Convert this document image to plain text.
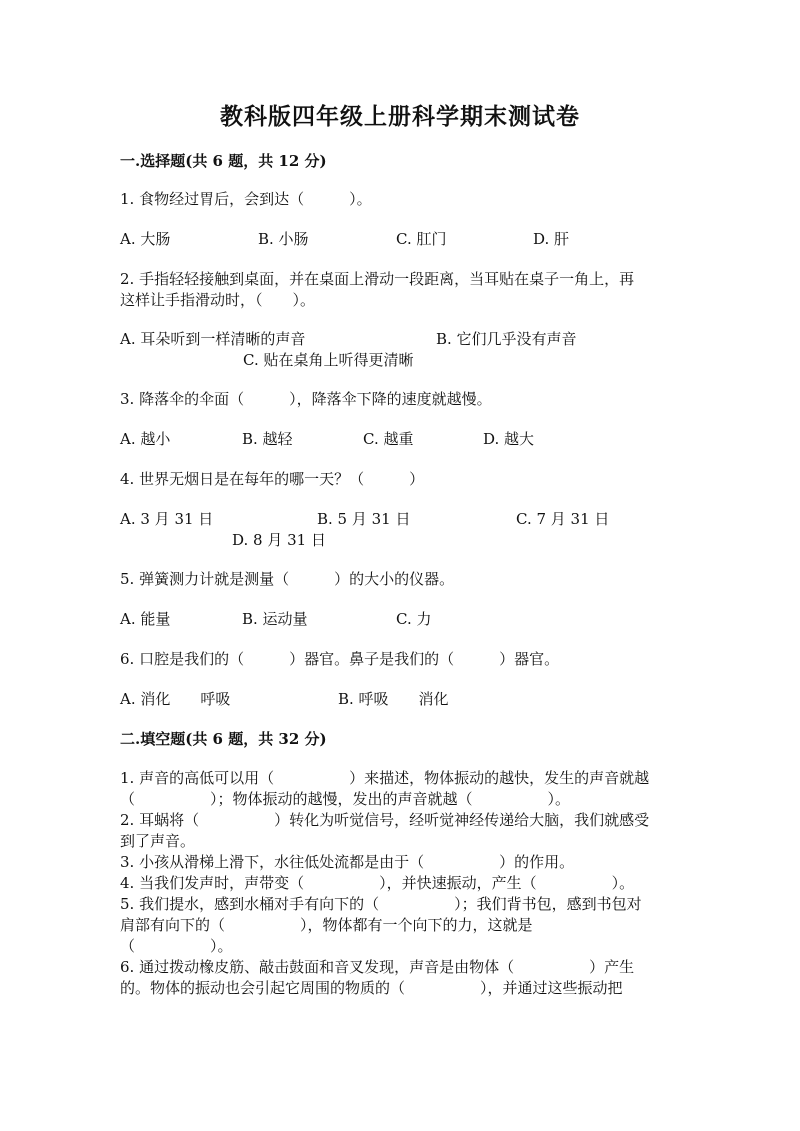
教科版四年级上册科学期末测试卷
一.选择题(共 6 题，共 12 分)
1. 食物经过胃后，会到达（　　　）。
A. 大肠	B. 小肠	C. 肛门	D. 肝
2. 手指轻轻接触到桌面，并在桌面上滑动一段距离，当耳贴在桌子一角上，再
这样让手指滑动时，（　　）。
A. 耳朵听到一样清晰的声音	B. 它们几乎没有声音
C. 贴在桌角上听得更清晰
3. 降落伞的伞面（　　　），降落伞下降的速度就越慢。
A. 越小	B. 越轻	C. 越重	D. 越大
4. 世界无烟日是在每年的哪一天？（　　　）
A. 3 月 31 日	B. 5 月 31 日	C. 7 月 31 日
D. 8 月 31 日
5. 弹簧测力计就是测量（　　　）的大小的仪器。
A. 能量	B. 运动量	C. 力
6. 口腔是我们的（　　　）器官。鼻子是我们的（　　　）器官。
A. 消化　　呼吸	B. 呼吸　　消化
二.填空题(共 6 题，共 32 分)
1. 声音的高低可以用（　　　　　）来描述，物体振动的越快，发生的声音就越
（　　　　　）；物体振动的越慢，发出的声音就越（　　　　　）。
2. 耳蜗将（　　　　　）转化为听觉信号，经听觉神经传递给大脑，我们就感受
到了声音。
3. 小孩从滑梯上滑下，水往低处流都是由于（　　　　　）的作用。
4. 当我们发声时，声带变（　　　　　），并快速振动，产生（　　　　　）。
5. 我们提水，感到水桶对手有向下的（　　　　　）；我们背书包，感到书包对
肩部有向下的（　　　　　），物体都有一个向下的力，这就是
（　　　　　）。
6. 通过拨动橡皮筋、敲击鼓面和音叉发现，声音是由物体（　　　　　）产生
的。物体的振动也会引起它周围的物质的（　　　　　），并通过这些振动把
